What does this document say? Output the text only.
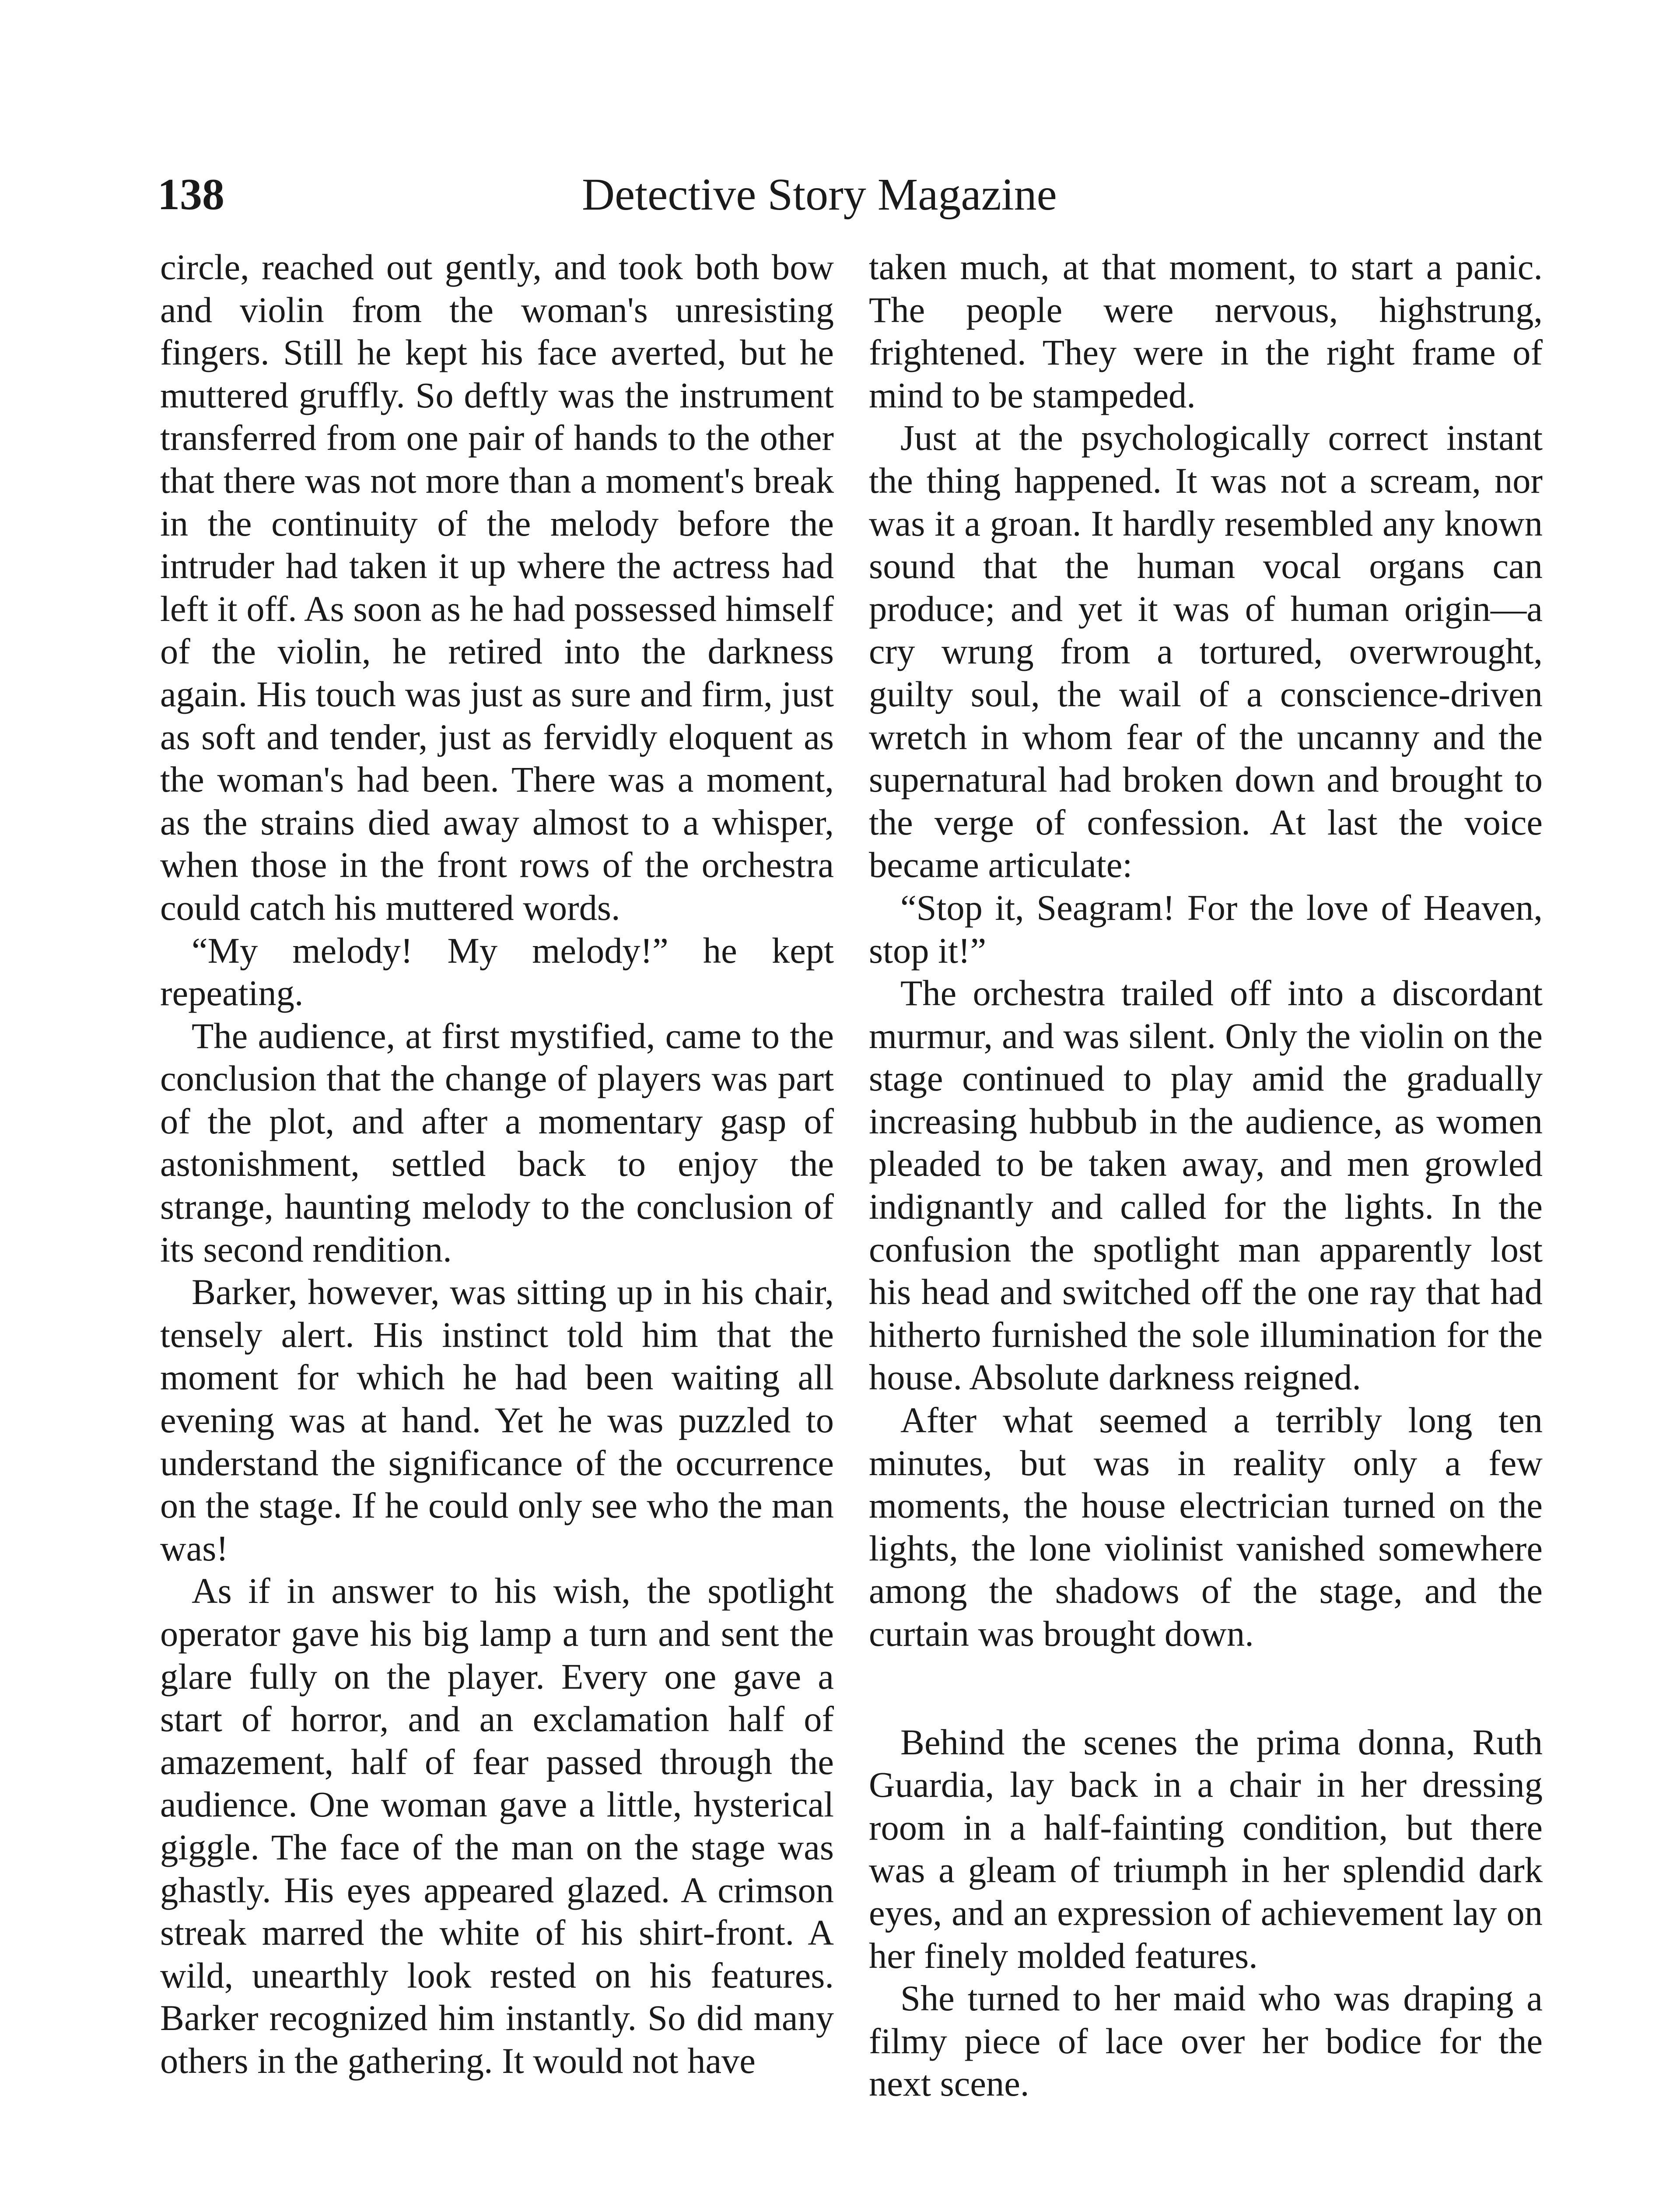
138	Detective Story Magazine

circle, reached out gently, and took both bow and violin from the woman's unresisting fingers. Still he kept his face averted, but he muttered gruffly. So deftly was the instrument transferred from one pair of hands to the other that there was not more than a moment's break in the continuity of the melody before the intruder had taken it up where the actress had left it off. As soon as he had possessed himself of the violin, he retired into the darkness again. His touch was just as sure and firm, just as soft and tender, just as fervidly eloquent as the woman's had been. There was a moment, as the strains died away almost to a whisper, when those in the front rows of the orchestra could catch his muttered words.

“My melody! My melody!” he kept repeating.

The audience, at first mystified, came to the conclusion that the change of players was part of the plot, and after a momentary gasp of astonishment, settled back to enjoy the strange, haunting melody to the conclusion of its second rendition.

Barker, however, was sitting up in his chair, tensely alert. His instinct told him that the moment for which he had been waiting all evening was at hand. Yet he was puzzled to understand the significance of the occurrence on the stage. If he could only see who the man was!

As if in answer to his wish, the spotlight operator gave his big lamp a turn and sent the glare fully on the player. Every one gave a start of horror, and an exclamation half of amazement, half of fear passed through the audience. One woman gave a little, hysterical giggle. The face of the man on the stage was ghastly. His eyes appeared glazed. A crimson streak marred the white of his shirt-front. A wild, unearthly look rested on his features. Barker recognized him instantly. So did many others in the gathering. It would not have

taken much, at that moment, to start a panic. The people were nervous, highstrung, frightened. They were in the right frame of mind to be stampeded.

Just at the psychologically correct instant the thing happened. It was not a scream, nor was it a groan. It hardly resembled any known sound that the human vocal organs can produce; and yet it was of human origin—a cry wrung from a tortured, overwrought, guilty soul, the wail of a conscience-driven wretch in whom fear of the uncanny and the supernatural had broken down and brought to the verge of confession. At last the voice became articulate:

“Stop it, Seagram! For the love of Heaven, stop it!”

The orchestra trailed off into a discordant murmur, and was silent. Only the violin on the stage continued to play amid the gradually increasing hubbub in the audience, as women pleaded to be taken away, and men growled indignantly and called for the lights. In the confusion the spotlight man apparently lost his head and switched off the one ray that had hitherto furnished the sole illumination for the house. Absolute darkness reigned.

After what seemed a terribly long ten minutes, but was in reality only a few moments, the house electrician turned on the lights, the lone violinist vanished somewhere among the shadows of the stage, and the curtain was brought down.

Behind the scenes the prima donna, Ruth Guardia, lay back in a chair in her dressing room in a half-fainting condition, but there was a gleam of triumph in her splendid dark eyes, and an expression of achievement lay on her finely molded features.

She turned to her maid who was draping a filmy piece of lace over her bodice for the next scene.
